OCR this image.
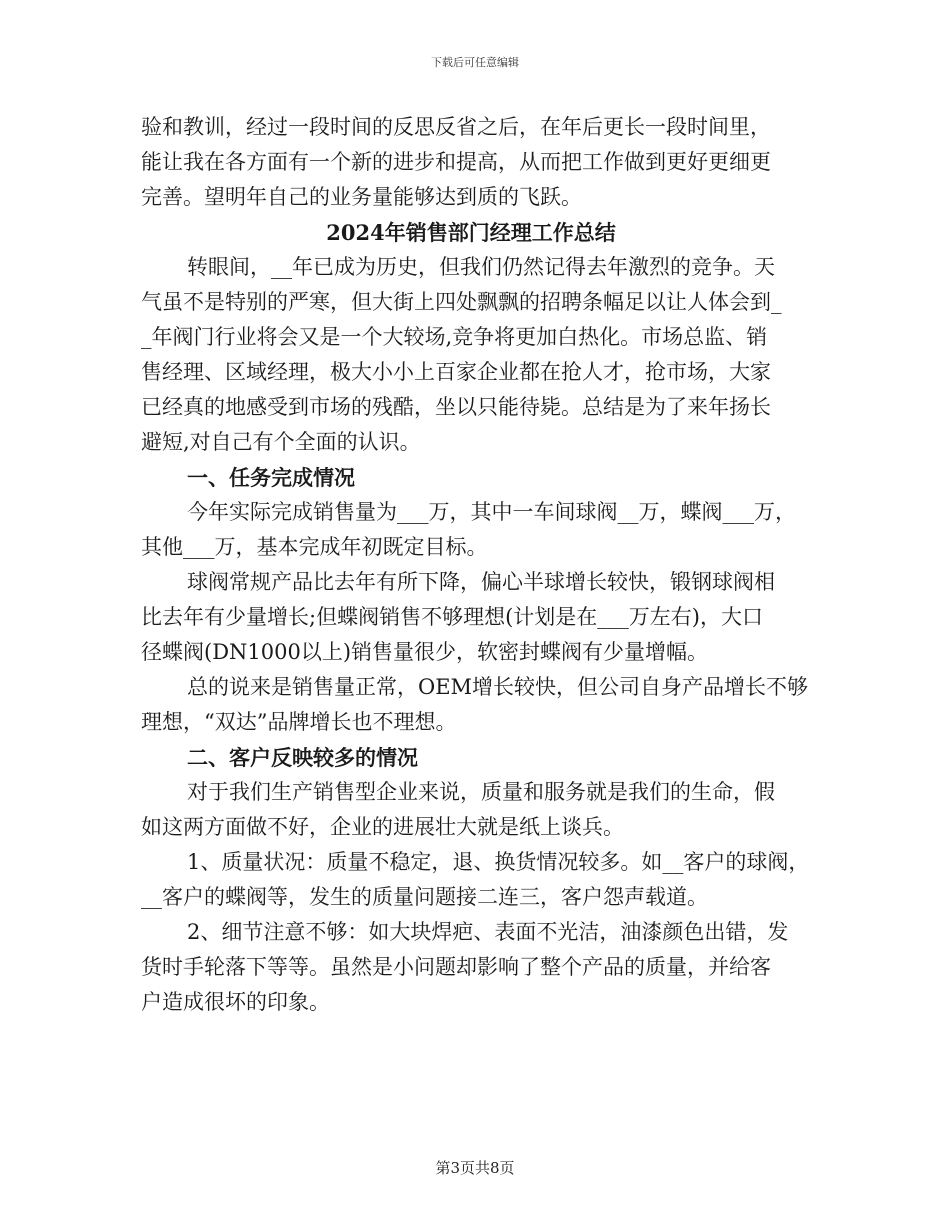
下载后可任意编辑
验和教训，经过一段时间的反思反省之后，在年后更长一段时间里，
能让我在各方面有一个新的进步和提高，从而把工作做到更好更细更
完善。望明年自己的业务量能够达到质的飞跃。
2024年销售部门经理工作总结
转眼间，__年已成为历史，但我们仍然记得去年激烈的竞争。天
气虽不是特别的严寒，但大街上四处飘飘的招聘条幅足以让人体会到_
_年阀门行业将会又是一个大较场,竞争将更加白热化。市场总监、销
售经理、区域经理，极大小小上百家企业都在抢人才，抢市场，大家
已经真的地感受到市场的残酷，坐以只能待毙。总结是为了来年扬长
避短,对自己有个全面的认识。
一、任务完成情况
今年实际完成销售量为___万，其中一车间球阀__万，蝶阀___万，
其他___万，基本完成年初既定目标。
球阀常规产品比去年有所下降，偏心半球增长较快，锻钢球阀相
比去年有少量增长;但蝶阀销售不够理想(计划是在___万左右)，大口
径蝶阀(DN1000以上)销售量很少，软密封蝶阀有少量增幅。
总的说来是销售量正常，OEM增长较快，但公司自身产品增长不够
理想，“双达”品牌增长也不理想。
二、客户反映较多的情况
对于我们生产销售型企业来说，质量和服务就是我们的生命，假
如这两方面做不好，企业的进展壮大就是纸上谈兵。
1、质量状况：质量不稳定，退、换货情况较多。如__客户的球阀，
__客户的蝶阀等，发生的质量问题接二连三，客户怨声载道。
2、细节注意不够：如大块焊疤、表面不光洁，油漆颜色出错，发
货时手轮落下等等。虽然是小问题却影响了整个产品的质量，并给客
户造成很坏的印象。
第3页共8页
